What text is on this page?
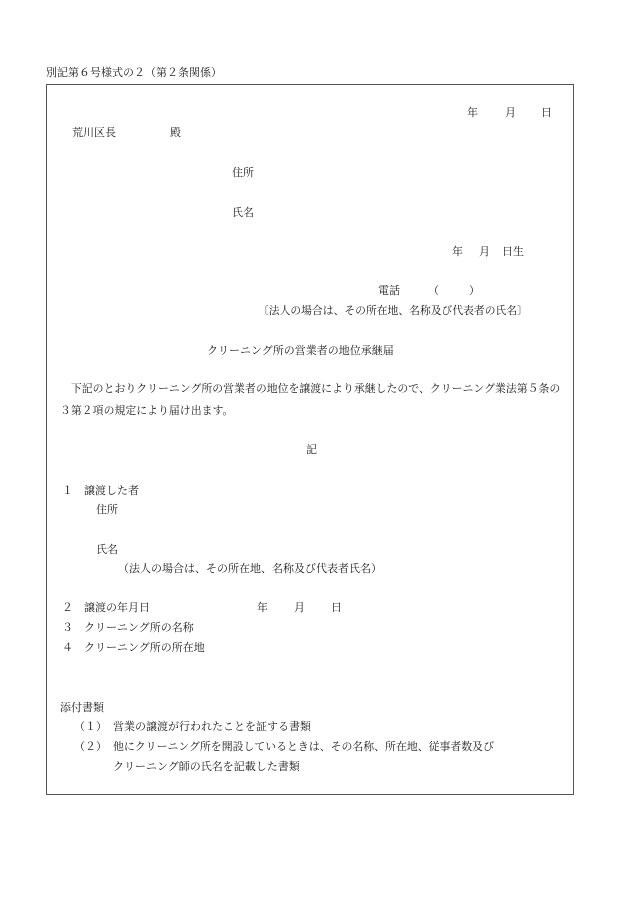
別記第６号様式の２（第２条関係）
年 月 日
荒川区長	殿
住所
氏名
年 月 日生
電話	（	）
〔法人の場合は、その所在地、名称及び代表者の氏名〕
クリーニング所の営業者の地位承継届
　下記のとおりクリーニング所の営業者の地位を譲渡により承継したので、クリーニング業法第５条の３第２項の規定により届け出ます。
記
１ 譲渡した者
住所
氏名
（法人の場合は、その所在地、名称及び代表者氏名）
２ 譲渡の年月日	年 月 日
３ クリーニング所の名称
４ クリーニング所の所在地
添付書類
（１） 営業の譲渡が行われたことを証する書類
（２） 他にクリーニング所を開設しているときは、その名称、所在地、従事者数及び
クリーニング師の氏名を記載した書類
